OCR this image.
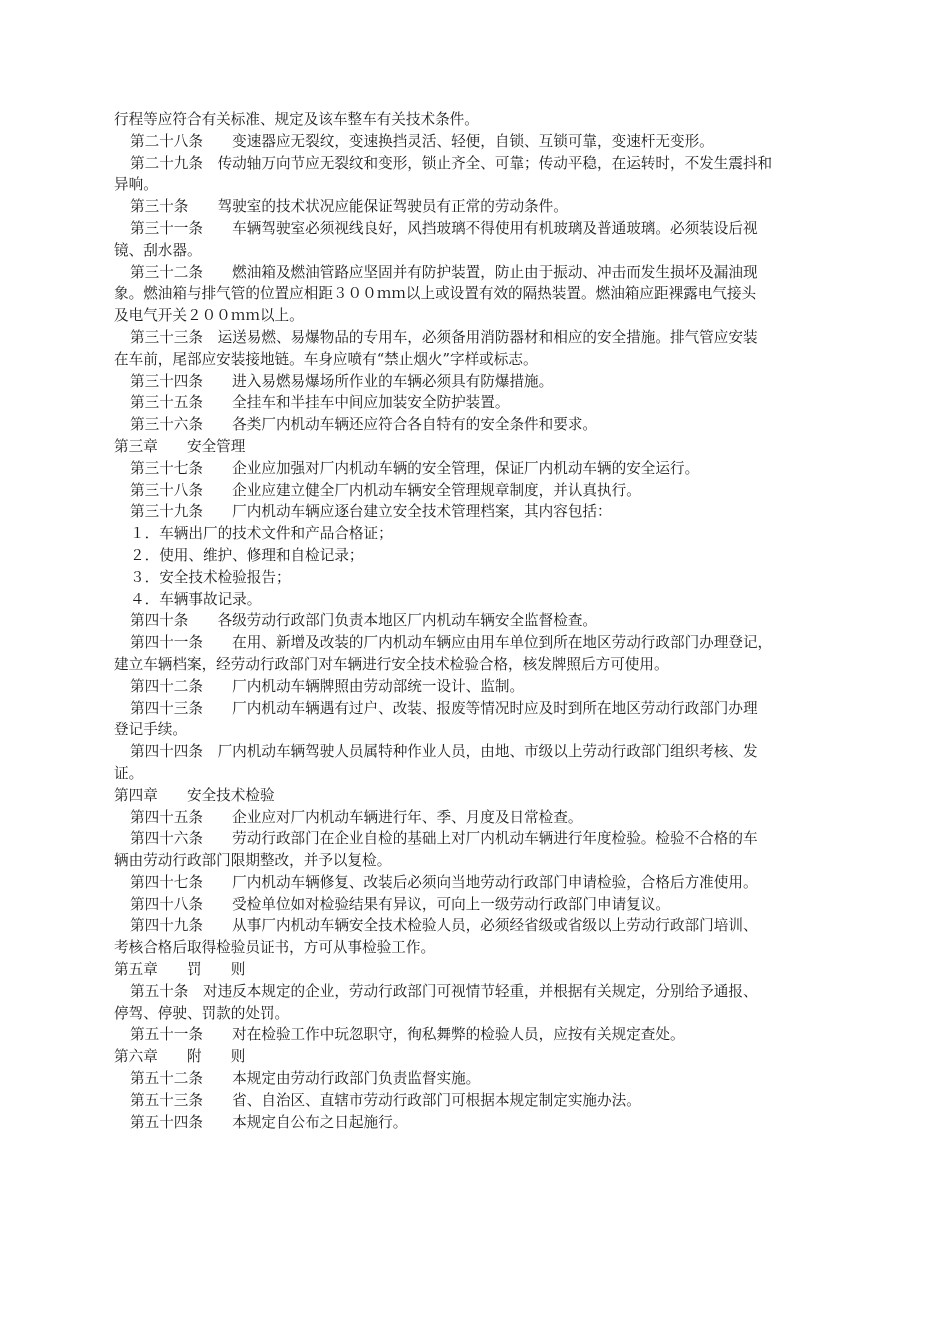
行程等应符合有关标准、规定及该车整车有关技术条件。
第二十八条　　变速器应无裂纹，变速换挡灵活、轻便，自锁、互锁可靠，变速杆无变形。
第二十九条　传动轴万向节应无裂纹和变形，锁止齐全、可靠；传动平稳，在运转时，不发生震抖和
异响。
第三十条　　驾驶室的技术状况应能保证驾驶员有正常的劳动条件。
第三十一条　　车辆驾驶室必须视线良好，风挡玻璃不得使用有机玻璃及普通玻璃。必须装设后视
镜、刮水器。
第三十二条　　燃油箱及燃油管路应坚固并有防护装置，防止由于振动、冲击而发生损坏及漏油现
象。燃油箱与排气管的位置应相距３００ｍｍ以上或设置有效的隔热装置。燃油箱应距裸露电气接头
及电气开关２００ｍｍ以上。
第三十三条　运送易燃、易爆物品的专用车，必须备用消防器材和相应的安全措施。排气管应安装
在车前，尾部应安装接地链。车身应喷有“禁止烟火”字样或标志。
第三十四条　　进入易燃易爆场所作业的车辆必须具有防爆措施。
第三十五条　　全挂车和半挂车中间应加装安全防护装置。
第三十六条　　各类厂内机动车辆还应符合各自特有的安全条件和要求。
第三章　　安全管理
第三十七条　　企业应加强对厂内机动车辆的安全管理，保证厂内机动车辆的安全运行。
第三十八条　　企业应建立健全厂内机动车辆安全管理规章制度，并认真执行。
第三十九条　　厂内机动车辆应逐台建立安全技术管理档案，其内容包括：
１．车辆出厂的技术文件和产品合格证；
２．使用、维护、修理和自检记录；
３．安全技术检验报告；
４．车辆事故记录。
第四十条　　各级劳动行政部门负责本地区厂内机动车辆安全监督检查。
第四十一条　　在用、新增及改装的厂内机动车辆应由用车单位到所在地区劳动行政部门办理登记，
建立车辆档案，经劳动行政部门对车辆进行安全技术检验合格，核发牌照后方可使用。
第四十二条　　厂内机动车辆牌照由劳动部统一设计、监制。
第四十三条　　厂内机动车辆遇有过户、改装、报废等情况时应及时到所在地区劳动行政部门办理
登记手续。
第四十四条　厂内机动车辆驾驶人员属特种作业人员，由地、市级以上劳动行政部门组织考核、发
证。
第四章　　安全技术检验
第四十五条　　企业应对厂内机动车辆进行年、季、月度及日常检查。
第四十六条　　劳动行政部门在企业自检的基础上对厂内机动车辆进行年度检验。检验不合格的车
辆由劳动行政部门限期整改，并予以复检。
第四十七条　　厂内机动车辆修复、改装后必须向当地劳动行政部门申请检验，合格后方准使用。
第四十八条　　受检单位如对检验结果有异议，可向上一级劳动行政部门申请复议。
第四十九条　　从事厂内机动车辆安全技术检验人员，必须经省级或省级以上劳动行政部门培训、
考核合格后取得检验员证书，方可从事检验工作。
第五章　　罚　　则
第五十条　对违反本规定的企业，劳动行政部门可视情节轻重，并根据有关规定，分别给予通报、
停驾、停驶、罚款的处罚。
第五十一条　　对在检验工作中玩忽职守，徇私舞弊的检验人员，应按有关规定查处。
第六章　　附　　则
第五十二条　　本规定由劳动行政部门负责监督实施。
第五十三条　　省、自治区、直辖市劳动行政部门可根据本规定制定实施办法。
第五十四条　　本规定自公布之日起施行。
